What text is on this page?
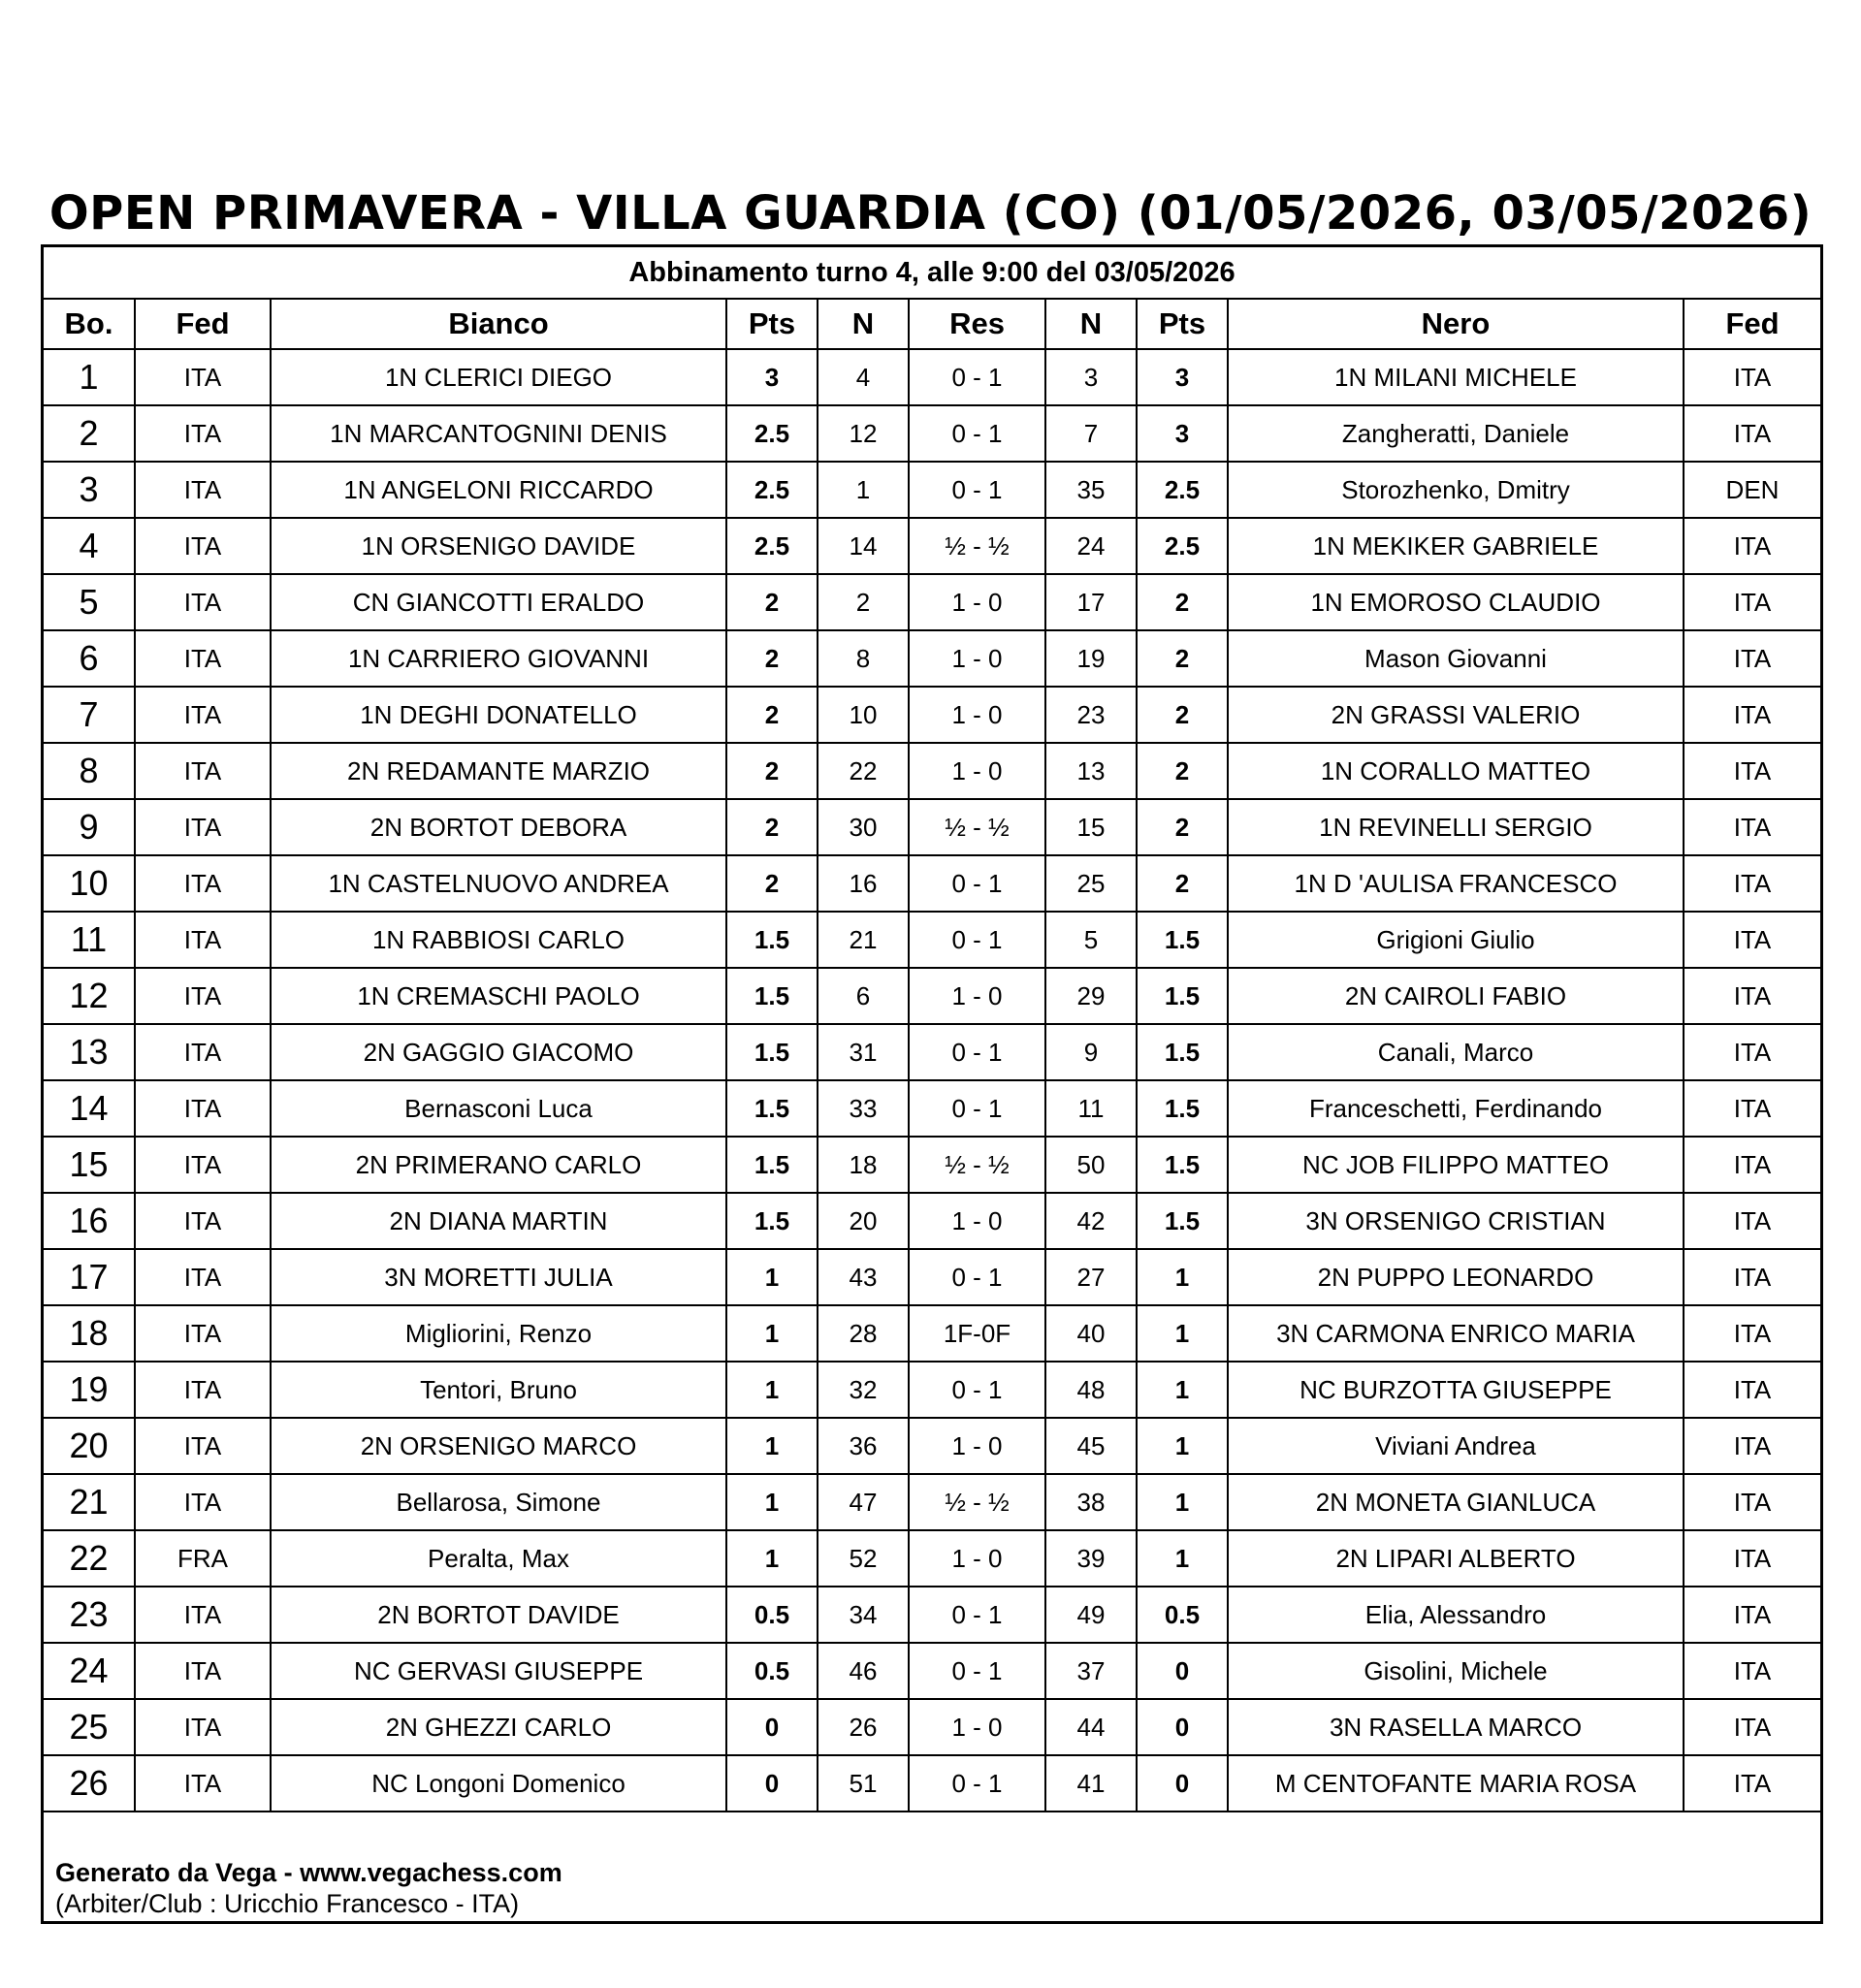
OPEN PRIMAVERA - VILLA GUARDIA (CO) (01/05/2026, 03/05/2026)
Abbinamento turno 4, alle 9:00 del 03/05/2026
Bo.	Fed	Bianco	Pts	N	Res	N	Pts	Nero	Fed
1	ITA	1N CLERICI DIEGO	3	4	0 - 1	3	3	1N MILANI MICHELE	ITA
2	ITA	1N MARCANTOGNINI DENIS	2.5	12	0 - 1	7	3	Zangheratti, Daniele	ITA
3	ITA	1N ANGELONI RICCARDO	2.5	1	0 - 1	35	2.5	Storozhenko, Dmitry	DEN
4	ITA	1N ORSENIGO DAVIDE	2.5	14	½ - ½	24	2.5	1N MEKIKER GABRIELE	ITA
5	ITA	CN GIANCOTTI ERALDO	2	2	1 - 0	17	2	1N EMOROSO CLAUDIO	ITA
6	ITA	1N CARRIERO GIOVANNI	2	8	1 - 0	19	2	Mason Giovanni	ITA
7	ITA	1N DEGHI DONATELLO	2	10	1 - 0	23	2	2N GRASSI VALERIO	ITA
8	ITA	2N REDAMANTE MARZIO	2	22	1 - 0	13	2	1N CORALLO MATTEO	ITA
9	ITA	2N BORTOT DEBORA	2	30	½ - ½	15	2	1N REVINELLI SERGIO	ITA
10	ITA	1N CASTELNUOVO ANDREA	2	16	0 - 1	25	2	1N D 'AULISA FRANCESCO	ITA
11	ITA	1N RABBIOSI CARLO	1.5	21	0 - 1	5	1.5	Grigioni Giulio	ITA
12	ITA	1N CREMASCHI PAOLO	1.5	6	1 - 0	29	1.5	2N CAIROLI FABIO	ITA
13	ITA	2N GAGGIO GIACOMO	1.5	31	0 - 1	9	1.5	Canali, Marco	ITA
14	ITA	Bernasconi Luca	1.5	33	0 - 1	11	1.5	Franceschetti, Ferdinando	ITA
15	ITA	2N PRIMERANO CARLO	1.5	18	½ - ½	50	1.5	NC JOB FILIPPO MATTEO	ITA
16	ITA	2N DIANA MARTIN	1.5	20	1 - 0	42	1.5	3N ORSENIGO CRISTIAN	ITA
17	ITA	3N MORETTI JULIA	1	43	0 - 1	27	1	2N PUPPO LEONARDO	ITA
18	ITA	Migliorini, Renzo	1	28	1F-0F	40	1	3N CARMONA ENRICO MARIA	ITA
19	ITA	Tentori, Bruno	1	32	0 - 1	48	1	NC BURZOTTA GIUSEPPE	ITA
20	ITA	2N ORSENIGO MARCO	1	36	1 - 0	45	1	Viviani Andrea	ITA
21	ITA	Bellarosa, Simone	1	47	½ - ½	38	1	2N MONETA GIANLUCA	ITA
22	FRA	Peralta, Max	1	52	1 - 0	39	1	2N LIPARI ALBERTO	ITA
23	ITA	2N BORTOT DAVIDE	0.5	34	0 - 1	49	0.5	Elia, Alessandro	ITA
24	ITA	NC GERVASI GIUSEPPE	0.5	46	0 - 1	37	0	Gisolini, Michele	ITA
25	ITA	2N GHEZZI CARLO	0	26	1 - 0	44	0	3N RASELLA MARCO	ITA
26	ITA	NC Longoni Domenico	0	51	0 - 1	41	0	M CENTOFANTE MARIA ROSA	ITA
Generato da Vega - www.vegachess.com
(Arbiter/Club : Uricchio Francesco - ITA)
